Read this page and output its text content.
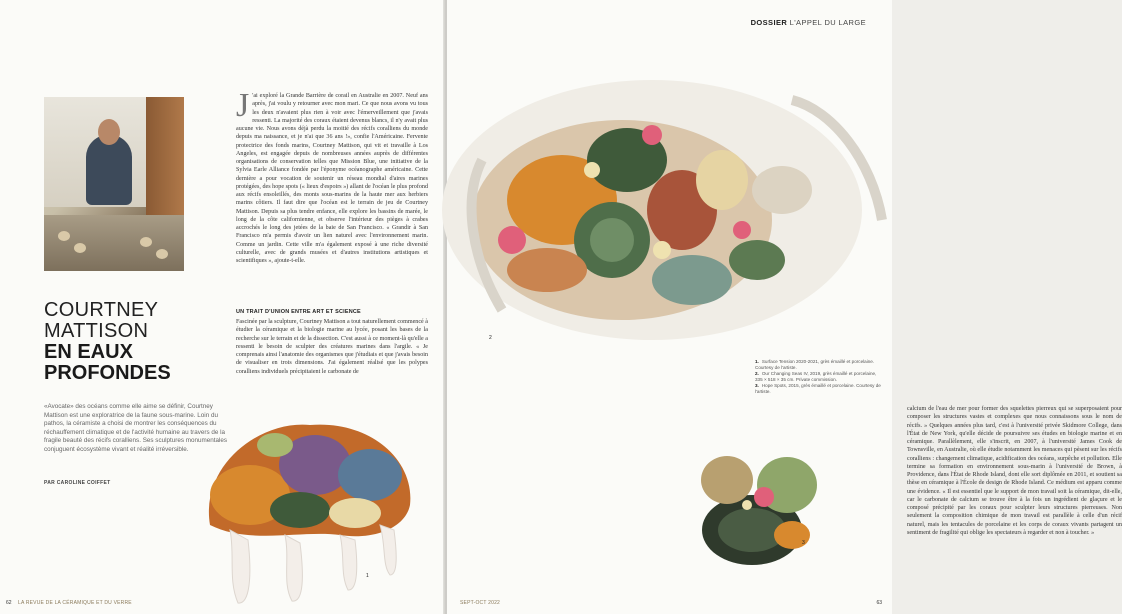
COURTNEY
MATTISON
EN EAUX
PROFONDES

«Avocate» des océans comme elle aime se définir, Courtney Mattison est une exploratrice de la faune sous-marine. Loin du pathos, la céramiste a choisi de montrer les conséquences du réchauffement climatique et de l'activité humaine au travers de la fragile beauté des récifs coralliens. Ses sculptures monumentales conjuguent écosystème vivant et réalité irréversible.

PAR CAROLINE COIFFET

J 'ai exploré la Grande Barrière de corail en Australie en 2007. Neuf ans après, j'ai voulu y retourner avec mon mari. Ce que nous avons vu tous les deux n'avaient plus rien à voir avec l'émerveillement que j'avais ressenti. La majorité des coraux étaient devenus blancs, il n'y avait plus aucune vie. Nous avons déjà perdu la moitié des récifs coralliens du monde depuis ma naissance, et je n'ai que 36 ans !», confie l'Américaine. Fervente protectrice des fonds marins, Courtney Mattison, qui vit et travaille à Los Angeles, est engagée depuis de nombreuses années auprès de différentes organisations de conservation telles que Mission Blue, une initiative de la Sylvia Earle Alliance fondée par l'éponyme océanographe américaine. Cette dernière a pour vocation de soutenir un réseau mondial d'aires marines protégées, des hope spots (« lieux d'espoirs ») allant de l'océan le plus profond aux récifs ensoleillés, des monts sous-marins de la haute mer aux herbiers marins côtiers. Il faut dire que l'océan est le terrain de jeu de Courtney Mattison. Depuis sa plus tendre enfance, elle explore les bassins de marée, le long de la côte californienne, et observe l'intérieur des pièges à crabes accrochés le long des jetées de la baie de San Francisco. « Grandir à San Francisco m'a permis d'avoir un lien naturel avec l'environnement marin. Comme un jardin. Cette ville m'a également exposé à une riche diversité culturelle, avec de grands musées et d'autres institutions artistiques et scientifiques », ajoute-t-elle.

UN TRAIT D'UNION ENTRE ART ET SCIENCE

Fascinée par la sculpture, Courtney Mattison a tout naturellement commencé à étudier la céramique et la biologie marine au lycée, posant les bases de la recherche sur le terrain et de la dissection. C'est aussi à ce moment-là qu'elle a ressenti le besoin de sculpter des créatures marines dans l'argile. « Je comprenais ainsi l'anatomie des organismes que j'étudiais et que j'avais besoin de visualiser en trois dimensions. J'ai également réalisé que les polypes coralliens individuels précipitaient le carbonate de

1
62 LA REVUE DE LA CÉRAMIQUE ET DU VERRE
DOSSIER L'APPEL DU LARGE
2

calcium de l'eau de mer pour former des squelettes pierreux qui se superposaient pour composer les structures vastes et complexes que nous connaissons sous le nom de récifs. » Quelques années plus tard, c'est à l'université privée Skidmore College, dans l'État de New York, qu'elle décide de poursuivre ses études en biologie marine et en céramique. Parallèlement, elle s'inscrit, en 2007, à l'université James Cook de Townsville, en Australie, où elle étudie notamment les menaces qui pèsent sur les récifs coralliens : changement climatique, acidification des océans, surpêche et pollution. Elle termine sa formation en environnement sous-marin à l'université de Brown, à Providence, dans l'État de Rhode Island, dont elle sort diplômée en 2011, et soutient sa thèse en céramique à l'École de design de Rhode Island. Ce médium est apparu comme une évidence. « Il est essentiel que le support de mon travail soit la céramique, dit-elle, car le carbonate de calcium se trouve être à la fois un ingrédient de glaçure et le composé précipité par les coraux pour sculpter leurs structures pierreuses. Non seulement la composition chimique de mon travail est parallèle à celle d'un récif naturel, mais les tentacules de porcelaine et les corps de coraux vivants partagent un sentiment de fragilité qui oblige les spectateurs à regarder et non à toucher. »

1. Surface Tension 2020-2021, grès émaillé et porcelaine. Courtesy de l'artiste.
2. Our Changing Seas IV, 2019, grès émaillé et porcelaine, 335 × 518 × 35 cm. Private commission.
3. Hope Spots, 2015, grès émaillé et porcelaine. Courtesy de l'artiste.
3
SEPT-OCT 2022	63
